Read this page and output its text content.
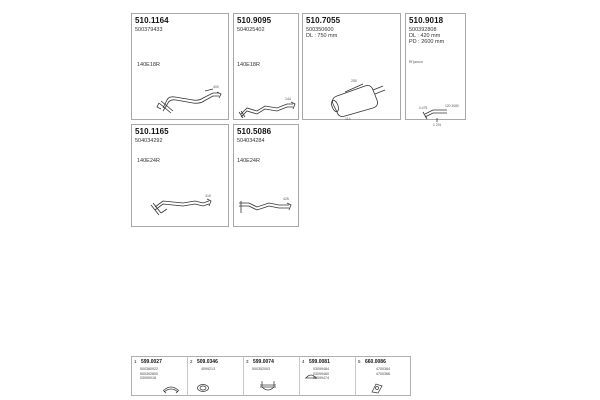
510.1164
500379433
140E18R
400
510.9095
504025402
140E18R
144
510.7055
500350600
DL : 750 mm
250
114
510.9018
500392808
DL : 420 mm
PD : 2600 mm
Ri'(aroco
120 3080
0.475
1 291
510.1165
504034292
140E24R
410
510.5086
504034284
140E24R
425
1 599.0027
500380922
500392800
03090018
2 509.0346
4099213
3 599.0074
500352003
4 599.0081
03099484
03099460
03099474
5 660.0086
4700364
4700366
